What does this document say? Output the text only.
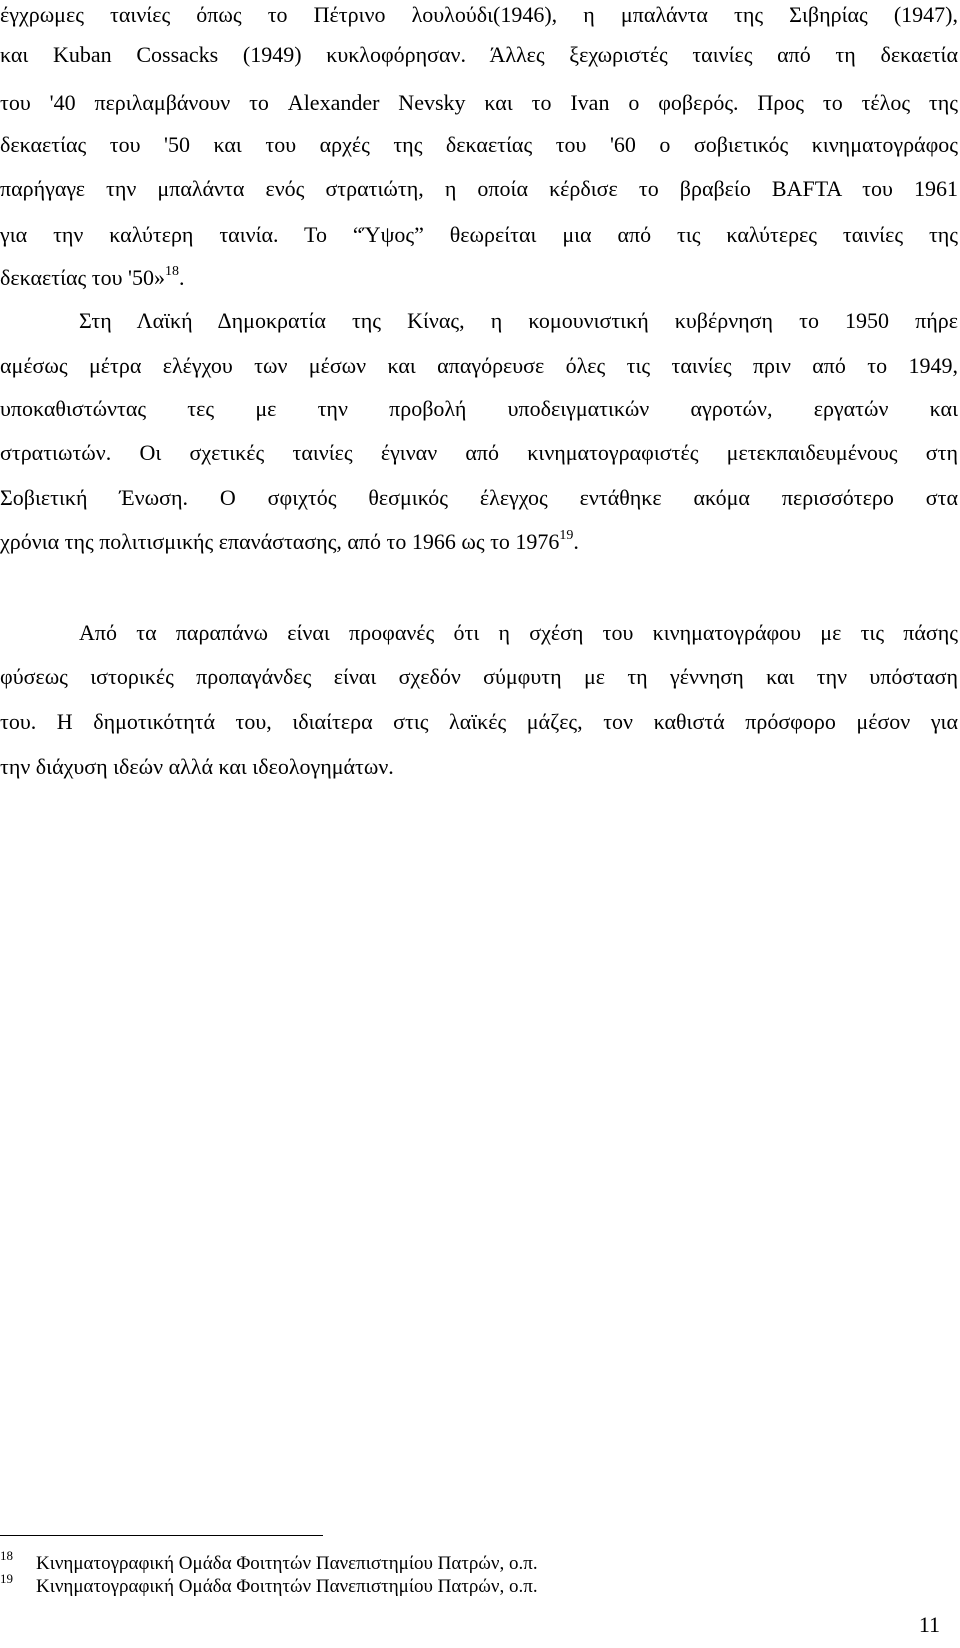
έγχρωμες ταινίες όπως το Πέτρινο λουλούδι(1946), η μπαλάντα της Σιβηρίας (1947),
και Kuban Cossacks (1949) κυκλοφόρησαν. Άλλες ξεχωριστές ταινίες από τη δεκαετία
του '40 περιλαμβάνουν το Alexander Nevsky και το Ivan ο φοβερός. Προς το τέλος της
δεκαετίας του '50 και του αρχές της δεκαετίας του '60 ο σοβιετικός κινηματογράφος
παρήγαγε την μπαλάντα ενός στρατιώτη, η οποία κέρδισε το βραβείο BAFTA του 1961
για την καλύτερη ταινία. Το “Ύψος” θεωρείται μια από τις καλύτερες ταινίες της
δεκαετίας του '50»$^{18}$.
Στη Λαϊκή Δημοκρατία της Κίνας, η κομουνιστική κυβέρνηση το 1950 πήρε
αμέσως μέτρα ελέγχου των μέσων και απαγόρευσε όλες τις ταινίες πριν από το 1949,
υποκαθιστώντας τες με την προβολή υποδειγματικών αγροτών, εργατών και
στρατιωτών. Οι σχετικές ταινίες έγιναν από κινηματογραφιστές μετεκπαιδευμένους στη
Σοβιετική Ένωση. Ο σφιχτός θεσμικός έλεγχος εντάθηκε ακόμα περισσότερο στα
χρόνια της πολιτισμικής επανάστασης, από το 1966 ως το 1976$^{19}$.
Από τα παραπάνω είναι προφανές ότι η σχέση του κινηματογράφου με τις πάσης
φύσεως ιστορικές προπαγάνδες είναι σχεδόν σύμφυτη με τη γέννηση και την υπόσταση
του. Η δημοτικότητά του, ιδιαίτερα στις λαϊκές μάζες, τον καθιστά πρόσφορο μέσον για
την διάχυση ιδεών αλλά και ιδεολογημάτων.
18 Κινηματογραφική Ομάδα Φοιτητών Πανεπιστημίου Πατρών, ο.π.
19 Κινηματογραφική Ομάδα Φοιτητών Πανεπιστημίου Πατρών, ο.π.
11
